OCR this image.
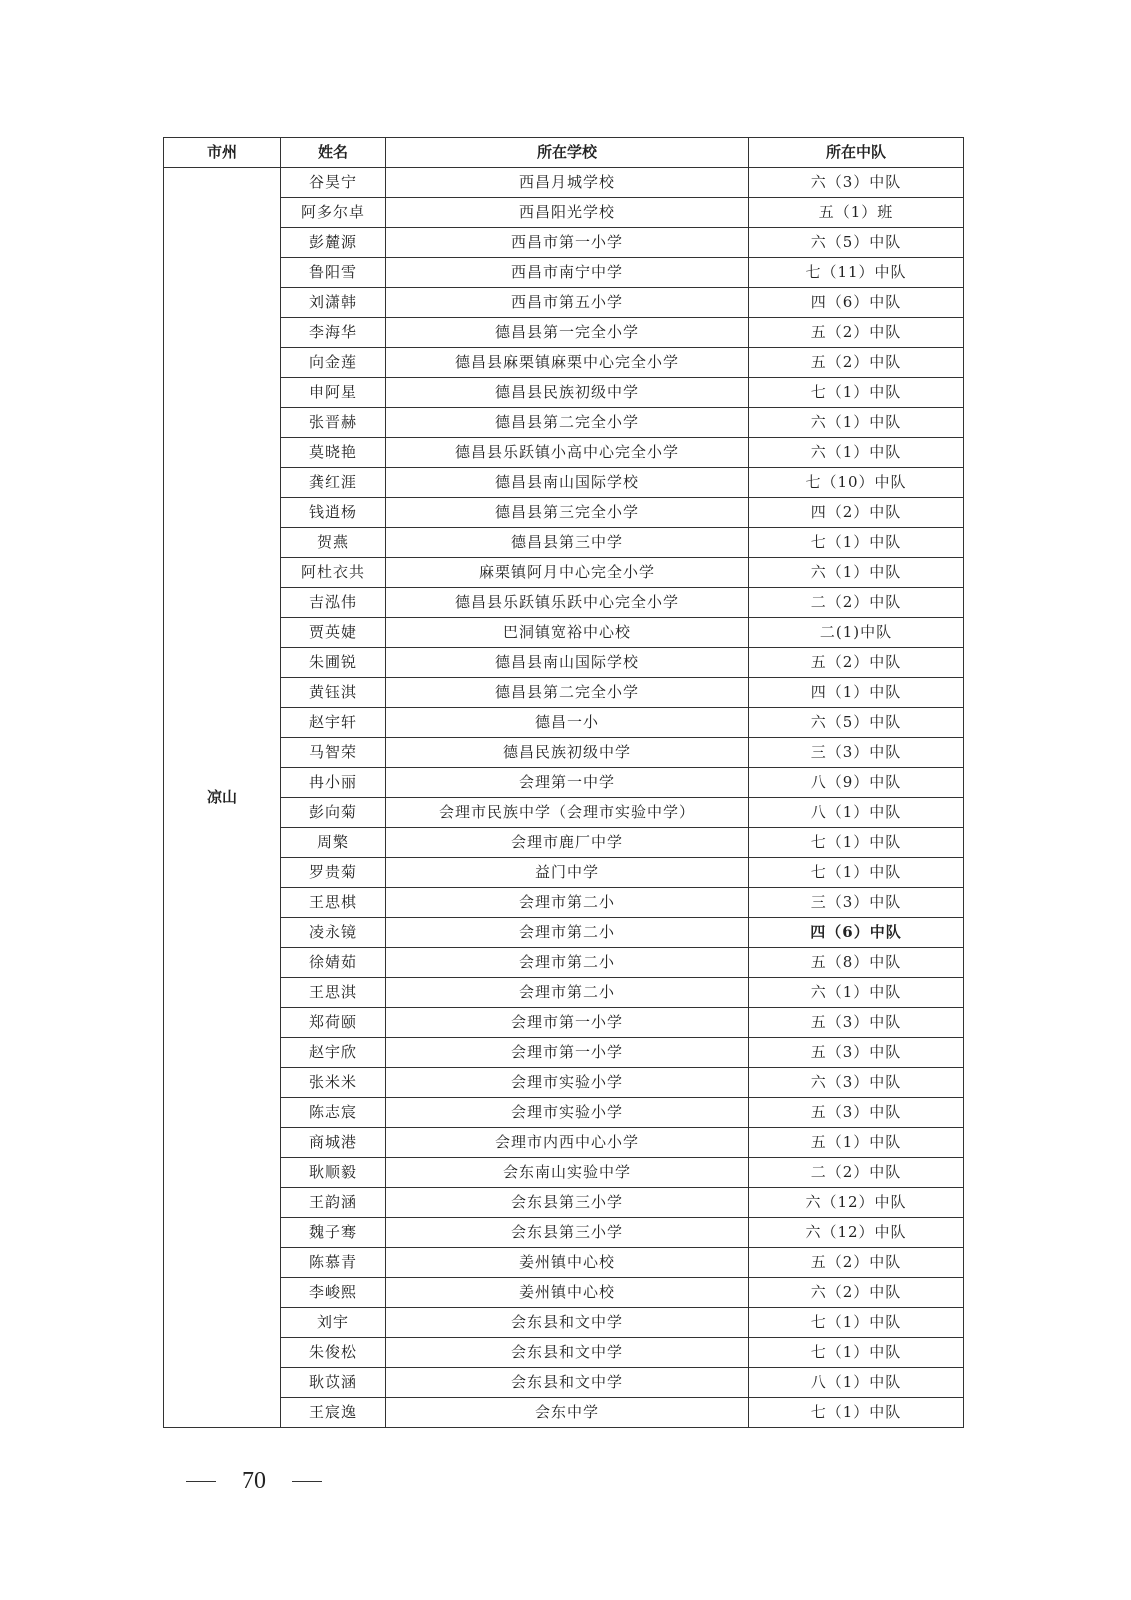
市州	姓名	所在学校	所在中队
凉山	谷昊宁	西昌月城学校	六（3）中队
	阿多尔卓	西昌阳光学校	五（1）班
	彭麓源	西昌市第一小学	六（5）中队
	鲁阳雪	西昌市南宁中学	七（11）中队
	刘潇韩	西昌市第五小学	四（6）中队
	李海华	德昌县第一完全小学	五（2）中队
	向金莲	德昌县麻栗镇麻栗中心完全小学	五（2）中队
	申阿星	德昌县民族初级中学	七（1）中队
	张晋赫	德昌县第二完全小学	六（1）中队
	莫晓艳	德昌县乐跃镇小高中心完全小学	六（1）中队
	龚红涯	德昌县南山国际学校	七（10）中队
	钱逍杨	德昌县第三完全小学	四（2）中队
	贺燕	德昌县第三中学	七（1）中队
	阿杜衣共	麻栗镇阿月中心完全小学	六（1）中队
	吉泓伟	德昌县乐跃镇乐跃中心完全小学	二（2）中队
	贾英婕	巴洞镇宽裕中心校	二(1)中队
	朱圃锐	德昌县南山国际学校	五（2）中队
	黄钰淇	德昌县第二完全小学	四（1）中队
	赵宇轩	德昌一小	六（5）中队
	马智荣	德昌民族初级中学	三（3）中队
	冉小丽	会理第一中学	八（9）中队
	彭向菊	会理市民族中学（会理市实验中学）	八（1）中队
	周檠	会理市鹿厂中学	七（1）中队
	罗贵菊	益门中学	七（1）中队
	王思棋	会理市第二小	三（3）中队
	凌永镜	会理市第二小	四（6）中队
	徐婧茹	会理市第二小	五（8）中队
	王思淇	会理市第二小	六（1）中队
	郑荷颐	会理市第一小学	五（3）中队
	赵宇欣	会理市第一小学	五（3）中队
	张米米	会理市实验小学	六（3）中队
	陈志宸	会理市实验小学	五（3）中队
	商城港	会理市内西中心小学	五（1）中队
	耿顺毅	会东南山实验中学	二（2）中队
	王韵涵	会东县第三小学	六（12）中队
	魏子骞	会东县第三小学	六（12）中队
	陈慕青	姜州镇中心校	五（2）中队
	李峻熙	姜州镇中心校	六（2）中队
	刘宇	会东县和文中学	七（1）中队
	朱俊松	会东县和文中学	七（1）中队
	耿苡涵	会东县和文中学	八（1）中队
	王宸逸	会东中学	七（1）中队
70
